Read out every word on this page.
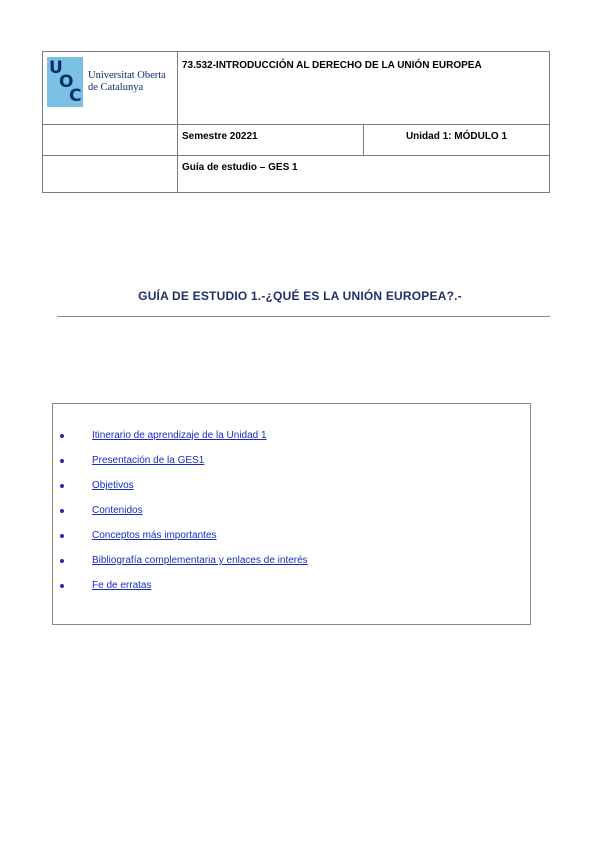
U
O
C
Universitat Oberta
de Catalunya	73.532-INTRODUCCIÓN AL DERECHO DE LA UNIÓN EUROPEA	
	Semestre 20221	Unidad 1: MÓDULO 1
	Guía de estudio – GES 1	
GUÍA DE ESTUDIO 1.-¿QUÉ ES LA UNIÓN EUROPEA?.-
Itinerario de aprendizaje de la Unidad 1
Presentación de la GES1
Objetivos
Contenidos
Conceptos más importantes
Bibliografía complementaria y enlaces de interés
Fe de erratas
